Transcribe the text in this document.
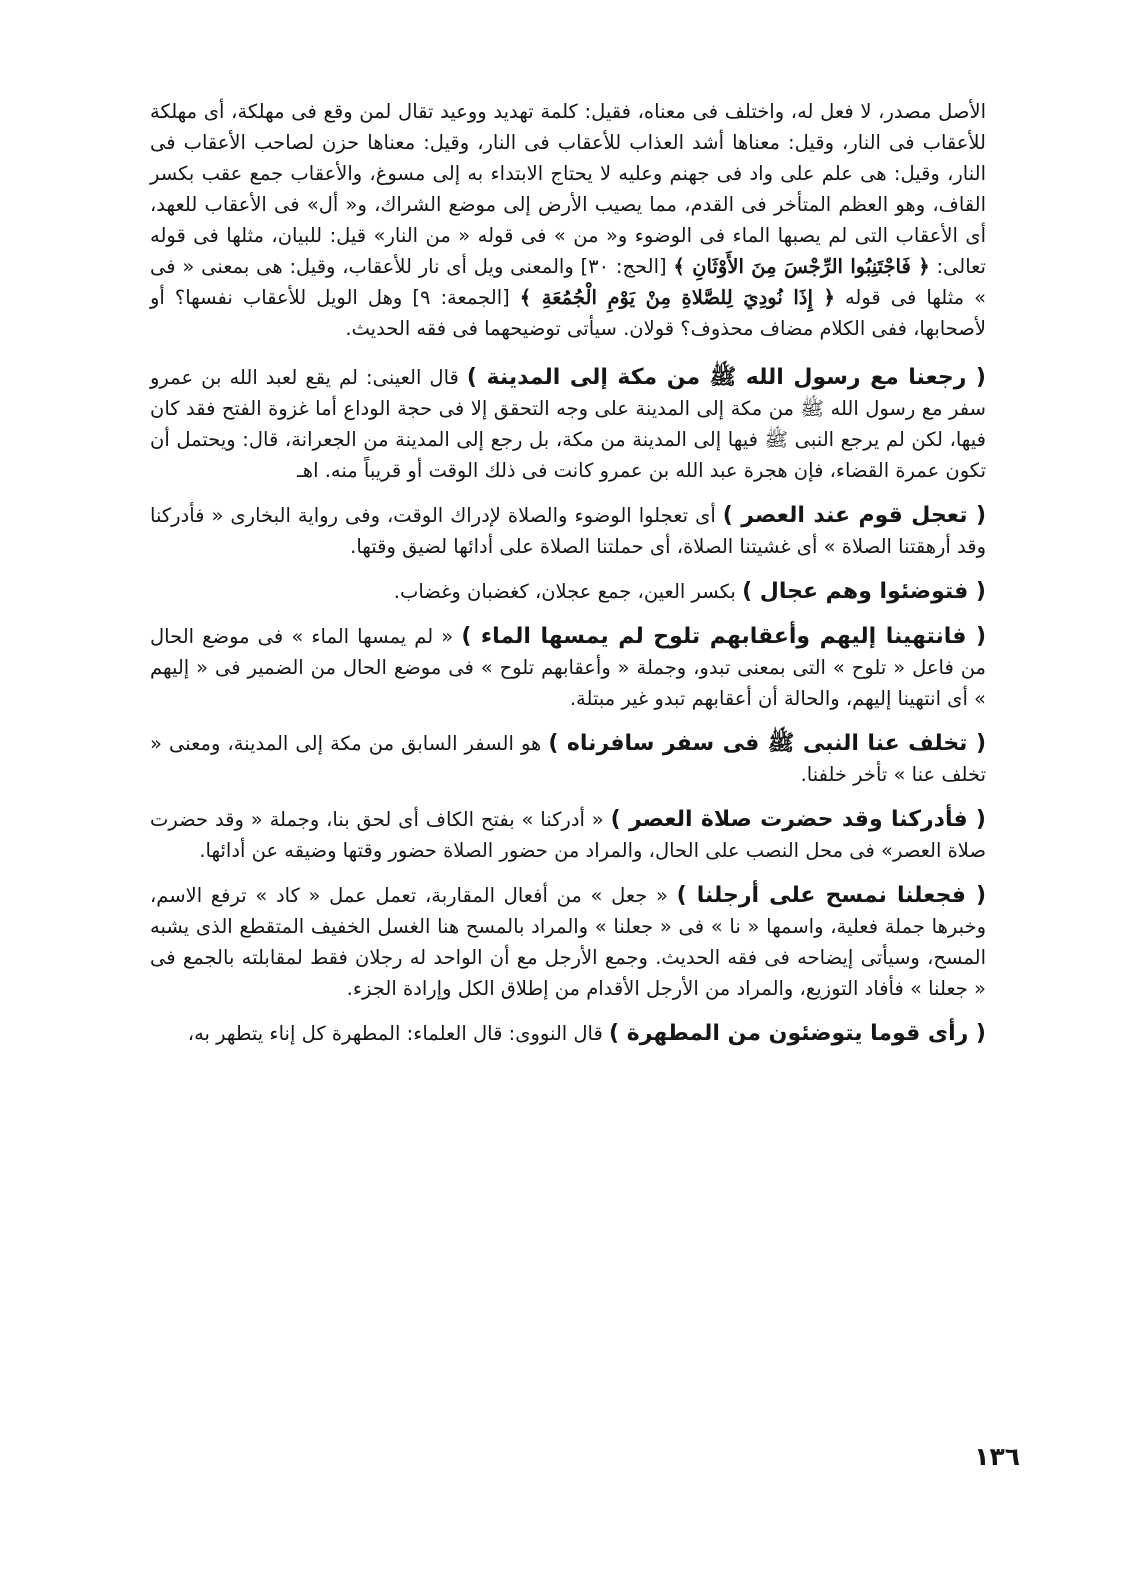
الأصل مصدر، لا فعل له، واختلف فى معناه، فقيل: كلمة تهديد ووعيد تقال لمن وقع فى مهلكة، أى مهلكة للأعقاب فى النار، وقيل: معناها أشد العذاب للأعقاب فى النار، وقيل: معناها حزن لصاحب الأعقاب فى النار، وقيل: هى علم على واد فى جهنم وعليه لا يحتاج الابتداء به إلى مسوغ، والأعقاب جمع عقب بكسر القاف، وهو العظم المتأخر فى القدم، مما يصيب الأرض إلى موضع الشراك، و« أل» فى الأعقاب للعهد، أى الأعقاب التى لم يصبها الماء فى الوضوء و« من » فى قوله « من النار» قيل: للبيان، مثلها فى قوله تعالى: ﴿ فَاجْتَنِبُوا الرِّجْسَ مِنَ الأَوْثَانِ ﴾ [الحج: ٣٠] والمعنى ويل أى نار للأعقاب، وقيل: هى بمعنى « فى » مثلها فى قوله ﴿ إِذَا نُودِيَ لِلصَّلاةِ مِنْ يَوْمِ الْجُمُعَةِ ﴾ [الجمعة: ٩] وهل الويل للأعقاب نفسها؟ أو لأصحابها، ففى الكلام مضاف محذوف؟ قولان. سيأتى توضيحهما فى فقه الحديث.

( رجعنا مع رسول الله ﷺ من مكة إلى المدينة ) قال العينى: لم يقع لعبد الله بن عمرو سفر مع رسول الله ﷺ من مكة إلى المدينة على وجه التحقق إلا فى حجة الوداع أما غزوة الفتح فقد كان فيها، لكن لم يرجع النبى ﷺ فيها إلى المدينة من مكة، بل رجع إلى المدينة من الجعرانة، قال: ويحتمل أن تكون عمرة القضاء، فإن هجرة عبد الله بن عمرو كانت فى ذلك الوقت أو قريباً منه. اهـ

( تعجل قوم عند العصر ) أى تعجلوا الوضوء والصلاة لإدراك الوقت، وفى رواية البخارى « فأدركنا وقد أرهقتنا الصلاة » أى غشيتنا الصلاة، أى حملتنا الصلاة على أدائها لضيق وقتها.

( فتوضئوا وهم عجال ) بكسر العين، جمع عجلان، كغضبان وغضاب.

( فانتهينا إليهم وأعقابهم تلوح لم يمسها الماء ) « لم يمسها الماء » فى موضع الحال من فاعل « تلوح » التى بمعنى تبدو، وجملة « وأعقابهم تلوح » فى موضع الحال من الضمير فى « إليهم » أى انتهينا إليهم، والحالة أن أعقابهم تبدو غير مبتلة.

( تخلف عنا النبى ﷺ فى سفر سافرناه ) هو السفر السابق من مكة إلى المدينة، ومعنى « تخلف عنا » تأخر خلفنا.

( فأدركنا وقد حضرت صلاة العصر ) « أدركنا » بفتح الكاف أى لحق بنا، وجملة « وقد حضرت صلاة العصر» فى محل النصب على الحال، والمراد من حضور الصلاة حضور وقتها وضيقه عن أدائها.

( فجعلنا نمسح على أرجلنا ) « جعل » من أفعال المقاربة، تعمل عمل « كاد » ترفع الاسم، وخبرها جملة فعلية، واسمها « نا » فى « جعلنا » والمراد بالمسح هنا الغسل الخفيف المتقطع الذى يشبه المسح، وسيأتى إيضاحه فى فقه الحديث. وجمع الأرجل مع أن الواحد له رجلان فقط لمقابلته بالجمع فى « جعلنا » فأفاد التوزيع، والمراد من الأرجل الأقدام من إطلاق الكل وإرادة الجزء.

( رأى قوما يتوضئون من المطهرة ) قال النووى: قال العلماء: المطهرة كل إناء يتطهر به،

١٣٦
